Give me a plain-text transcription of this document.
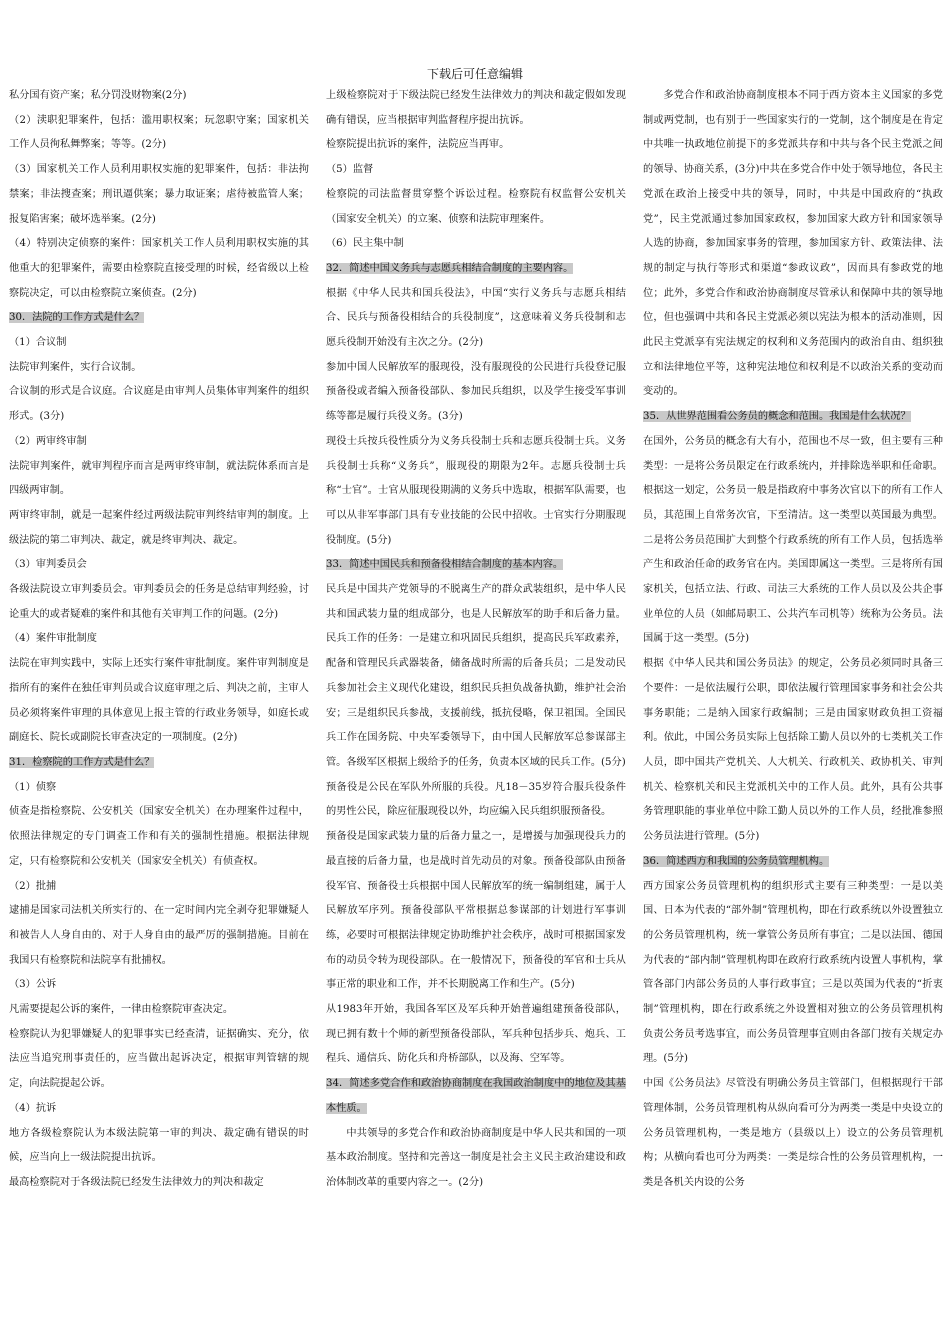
下载后可任意编辑

私分国有资产案；私分罚没财物案(2分)

（2）渎职犯罪案件，包括：滥用职权案；玩忽职守案；国家机关工作人员徇私舞弊案；等等。(2分)

（3）国家机关工作人员利用职权实施的犯罪案件，包括：非法拘禁案；非法搜查案；刑讯逼供案；暴力取证案；虐待被监管人案；报复陷害案；破坏选举案。(2分)

（4）特别决定侦察的案件：国家机关工作人员利用职权实施的其他重大的犯罪案件，需要由检察院直接受理的时候，经省级以上检察院决定，可以由检察院立案侦查。(2分)

30．法院的工作方式是什么？

（1）合议制

法院审判案件，实行合议制。

合议制的形式是合议庭。合议庭是由审判人员集体审判案件的组织形式。(3分)

（2）两审终审制

法院审判案件，就审判程序而言是两审终审制，就法院体系而言是四级两审制。

两审终审制，就是一起案件经过两级法院审判终结审判的制度。上级法院的第二审判决、裁定，就是终审判决、裁定。

（3）审判委员会

各级法院设立审判委员会。审判委员会的任务是总结审判经验，讨论重大的或者疑难的案件和其他有关审判工作的问题。(2分)

（4）案件审批制度

法院在审判实践中，实际上还实行案件审批制度。案件审判制度是指所有的案件在独任审判员或合议庭审理之后、判决之前，主审人员必须将案件审理的具体意见上报主管的行政业务领导，如庭长或副庭长、院长或副院长审查决定的一项制度。(2分)

31．检察院的工作方式是什么？

（1）侦察

侦查是指检察院、公安机关（国家安全机关）在办理案件过程中，依照法律规定的专门调查工作和有关的强制性措施。根据法律规定，只有检察院和公安机关（国家安全机关）有侦查权。

（2）批捕

逮捕是国家司法机关所实行的、在一定时间内完全剥夺犯罪嫌疑人和被告人人身自由的、对于人身自由的最严厉的强制措施。目前在我国只有检察院和法院享有批捕权。

（3）公诉

凡需要提起公诉的案件，一律由检察院审查决定。

检察院认为犯罪嫌疑人的犯罪事实已经查清，证据确实、充分，依法应当追究刑事责任的，应当做出起诉决定，根据审判管辖的规定，向法院提起公诉。

（4）抗诉

地方各级检察院认为本级法院第一审的判决、裁定确有错误的时候，应当向上一级法院提出抗诉。

最高检察院对于各级法院已经发生法律效力的判决和裁定

上级检察院对于下级法院已经发生法律效力的判决和裁定假如发现确有错误，应当根据审判监督程序提出抗诉。

检察院提出抗诉的案件，法院应当再审。

（5）监督

检察院的司法监督贯穿整个诉讼过程。检察院有权监督公安机关（国家安全机关）的立案、侦察和法院审理案件。

（6）民主集中制

32．简述中国义务兵与志愿兵相结合制度的主要内容。

根据《中华人民共和国兵役法》，中国“实行义务兵与志愿兵相结合、民兵与预备役相结合的兵役制度”，这意味着义务兵役制和志愿兵役制开始没有主次之分。(2分)

参加中国人民解放军的服现役，没有服现役的公民进行兵役登记服预备役或者编入预备役部队、参加民兵组织，以及学生接受军事训练等都是履行兵役义务。(3分)

现役士兵按兵役性质分为义务兵役制士兵和志愿兵役制士兵。义务兵役制士兵称“义务兵”，服现役的期限为2年。志愿兵役制士兵称“士官”。士官从服现役期满的义务兵中选取，根据军队需要，也可以从非军事部门具有专业技能的公民中招收。士官实行分期服现役制度。(5分)

33．简述中国民兵和预备役相结合制度的基本内容。

民兵是中国共产党领导的不脱离生产的群众武装组织，是中华人民共和国武装力量的组成部分，也是人民解放军的助手和后备力量。民兵工作的任务：一是建立和巩固民兵组织，提高民兵军政素养，配备和管理民兵武器装备，储备战时所需的后备兵员；二是发动民兵参加社会主义现代化建设，组织民兵担负战备执勤，维护社会治安；三是组织民兵参战，支援前线，抵抗侵略，保卫祖国。全国民兵工作在国务院、中央军委领导下，由中国人民解放军总参谋部主管。各级军区根据上级给予的任务，负责本区域的民兵工作。(5分)

预备役是公民在军队外所服的兵役。凡18－35岁符合服兵役条件的男性公民，除应征服现役以外，均应编入民兵组织服预备役。

预备役是国家武装力量的后备力量之一，是增援与加强现役兵力的最直接的后备力量，也是战时首先动员的对象。预备役部队由预备役军官、预备役士兵根据中国人民解放军的统一编制组建，属于人民解放军序列。预备役部队平常根据总参谋部的计划进行军事训练，必要时可根据法律规定协助维护社会秩序，战时可根据国家发布的动员令转为现役部队。在一般情况下，预备役的军官和士兵从事正常的职业和工作，并不长期脱离工作和生产。(5分)

从1983年开始，我国各军区及军兵种开始普遍组建预备役部队，现已拥有数十个师的新型预备役部队，军兵种包括步兵、炮兵、工程兵、通信兵、防化兵和舟桥部队，以及海、空军等。

34．简述多党合作和政治协商制度在我国政治制度中的地位及其基本性质。

中共领导的多党合作和政治协商制度是中华人民共和国的一项基本政治制度。坚持和完善这一制度是社会主义民主政治建设和政治体制改革的重要内容之一。(2分)

多党合作和政治协商制度根本不同于西方资本主义国家的多党制或两党制，也有别于一些国家实行的一党制，这个制度是在肯定中共唯一执政地位前提下的多党派共存和中共与各个民主党派之间的领导、协商关系，(3分)中共在多党合作中处于领导地位，各民主党派在政治上接受中共的领导，同时，中共是中国政府的“执政党”，民主党派通过参加国家政权，参加国家大政方针和国家领导人选的协商，参加国家事务的管理，参加国家方针、政策法律、法规的制定与执行等形式和渠道“参政议政”，因而具有参政党的地位；此外，多党合作和政治协商制度尽管承认和保障中共的领导地位，但也强调中共和各民主党派必须以宪法为根本的活动准则，因此民主党派享有宪法规定的权利和义务范围内的政治自由、组织独立和法律地位平等，这种宪法地位和权利是不以政治关系的变动而变动的。

35．从世界范围看公务员的概念和范围。我国是什么状况？

在国外，公务员的概念有大有小，范围也不尽一致，但主要有三种类型：一是将公务员限定在行政系统内，并排除选举职和任命职。根据这一划定，公务员一般是指政府中事务次官以下的所有工作人员，其范围上自常务次官，下至清洁。这一类型以英国最为典型。二是将公务员范围扩大到整个行政系统的所有工作人员，包括选举产生和政治任命的政务官在内。美国即属这一类型。三是将所有国家机关，包括立法、行政、司法三大系统的工作人员以及公共企事业单位的人员（如邮局职工、公共汽车司机等）统称为公务员。法国属于这一类型。(5分)

根据《中华人民共和国公务员法》的规定，公务员必须同时具备三个要件：一是依法履行公职，即依法履行管理国家事务和社会公共事务职能；二是纳入国家行政编制；三是由国家财政负担工资福利。依此，中国公务员实际上包括除工勤人员以外的七类机关工作人员，即中国共产党机关、人大机关、行政机关、政协机关、审判机关、检察机关和民主党派机关中的工作人员。此外，具有公共事务管理职能的事业单位中除工勤人员以外的工作人员，经批准参照公务员法进行管理。(5分)

36．简述西方和我国的公务员管理机构。

西方国家公务员管理机构的组织形式主要有三种类型：一是以美国、日本为代表的“部外制”管理机构，即在行政系统以外设置独立的公务员管理机构，统一掌管公务员所有事宜；二是以法国、德国为代表的“部内制”管理机构即在政府行政系统内设置人事机构，掌管各部门内部公务员的人事行政事宜；三是以英国为代表的“折衷制”管理机构，即在行政系统之外设置相对独立的公务员管理机构负责公务员考选事宜，而公务员管理事宜则由各部门按有关规定办理。(5分)

中国《公务员法》尽管没有明确公务员主管部门，但根据现行干部管理体制，公务员管理机构从纵向看可分为两类一类是中央设立的公务员管理机构，一类是地方（县级以上）设立的公务员管理机构；从横向看也可分为两类：一类是综合性的公务员管理机构，一类是各机关内设的公务
